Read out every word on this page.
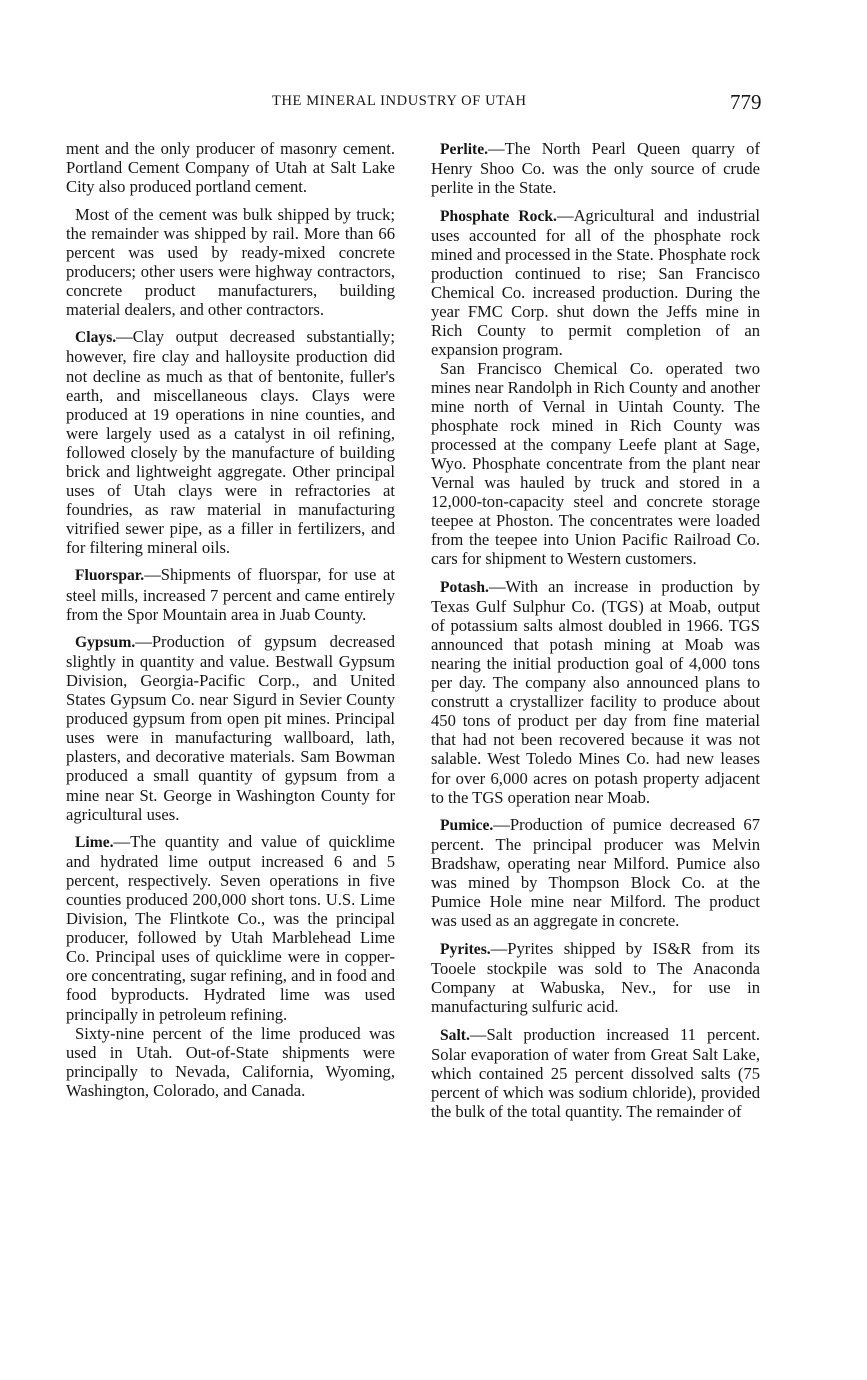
THE MINERAL INDUSTRY OF UTAH	779

ment and the only producer of masonry cement. Portland Cement Company of Utah at Salt Lake City also produced portland cement.

Most of the cement was bulk shipped by truck; the remainder was shipped by rail. More than 66 percent was used by ready-mixed concrete producers; other users were highway contractors, concrete product manufacturers, building material dealers, and other contractors.

Clays.—Clay output decreased substantially; however, fire clay and halloysite production did not decline as much as that of bentonite, fuller's earth, and miscellaneous clays. Clays were produced at 19 operations in nine counties, and were largely used as a catalyst in oil refining, followed closely by the manufacture of building brick and lightweight aggregate. Other principal uses of Utah clays were in refractories at foundries, as raw material in manufacturing vitrified sewer pipe, as a filler in fertilizers, and for filtering mineral oils.

Fluorspar.—Shipments of fluorspar, for use at steel mills, increased 7 percent and came entirely from the Spor Mountain area in Juab County.

Gypsum.—Production of gypsum decreased slightly in quantity and value. Bestwall Gypsum Division, Georgia-Pacific Corp., and United States Gypsum Co. near Sigurd in Sevier County produced gypsum from open pit mines. Principal uses were in manufacturing wallboard, lath, plasters, and decorative materials. Sam Bowman produced a small quantity of gypsum from a mine near St. George in Washington County for agricultural uses.

Lime.—The quantity and value of quicklime and hydrated lime output increased 6 and 5 percent, respectively. Seven operations in five counties produced 200,000 short tons. U.S. Lime Division, The Flintkote Co., was the principal producer, followed by Utah Marblehead Lime Co. Principal uses of quicklime were in copper-ore concentrating, sugar refining, and in food and food byproducts. Hydrated lime was used principally in petroleum refining.

Sixty-nine percent of the lime produced was used in Utah. Out-of-State shipments were principally to Nevada, California, Wyoming, Washington, Colorado, and Canada.

Perlite.—The North Pearl Queen quarry of Henry Shoo Co. was the only source of crude perlite in the State.

Phosphate Rock.—Agricultural and industrial uses accounted for all of the phosphate rock mined and processed in the State. Phosphate rock production continued to rise; San Francisco Chemical Co. increased production. During the year FMC Corp. shut down the Jeffs mine in Rich County to permit completion of an expansion program.

San Francisco Chemical Co. operated two mines near Randolph in Rich County and another mine north of Vernal in Uintah County. The phosphate rock mined in Rich County was processed at the company Leefe plant at Sage, Wyo. Phosphate concentrate from the plant near Vernal was hauled by truck and stored in a 12,000-ton-capacity steel and concrete storage teepee at Phoston. The concentrates were loaded from the teepee into Union Pacific Railroad Co. cars for shipment to Western customers.

Potash.—With an increase in production by Texas Gulf Sulphur Co. (TGS) at Moab, output of potassium salts almost doubled in 1966. TGS announced that potash mining at Moab was nearing the initial production goal of 4,000 tons per day. The company also announced plans to construtt a crystallizer facility to produce about 450 tons of product per day from fine material that had not been recovered because it was not salable. West Toledo Mines Co. had new leases for over 6,000 acres on potash property adjacent to the TGS operation near Moab.

Pumice.—Production of pumice decreased 67 percent. The principal producer was Melvin Bradshaw, operating near Milford. Pumice also was mined by Thompson Block Co. at the Pumice Hole mine near Milford. The product was used as an aggregate in concrete.

Pyrites.—Pyrites shipped by IS&R from its Tooele stockpile was sold to The Anaconda Company at Wabuska, Nev., for use in manufacturing sulfuric acid.

Salt.—Salt production increased 11 percent. Solar evaporation of water from Great Salt Lake, which contained 25 percent dissolved salts (75 percent of which was sodium chloride), provided the bulk of the total quantity. The remainder of
